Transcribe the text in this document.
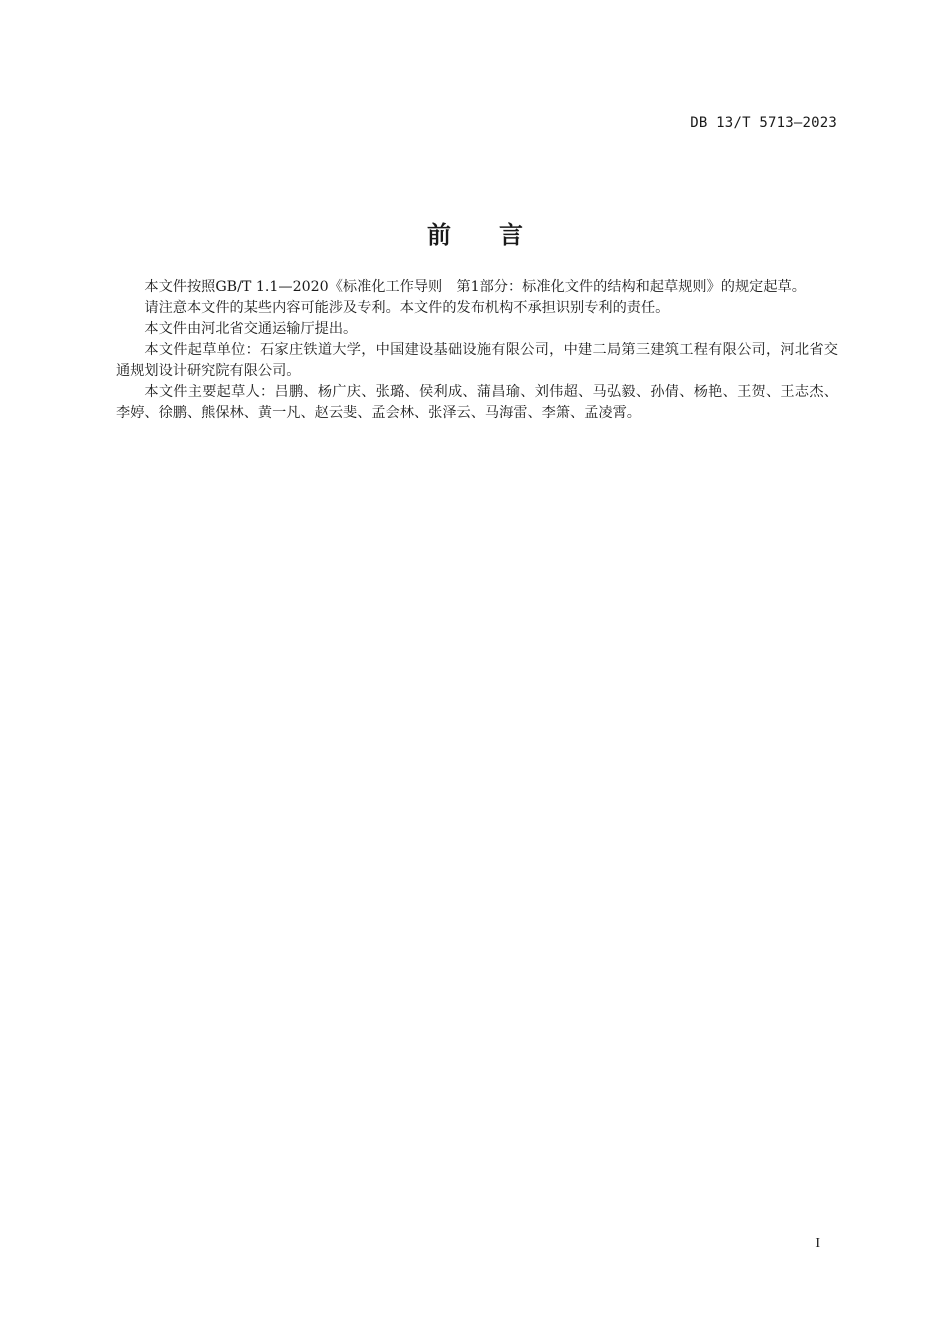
DB 13/T 5713—2023
前言

本文件按照GB/T 1.1—2020《标准化工作导则　第1部分：标准化文件的结构和起草规则》的规定起草。

请注意本文件的某些内容可能涉及专利。本文件的发布机构不承担识别专利的责任。

本文件由河北省交通运输厅提出。

本文件起草单位：石家庄铁道大学，中国建设基础设施有限公司，中建二局第三建筑工程有限公司，河北省交通规划设计研究院有限公司。

本文件主要起草人：吕鹏、杨广庆、张璐、侯利成、蒲昌瑜、刘伟超、马弘毅、孙倩、杨艳、王贺、王志杰、李婷、徐鹏、熊保林、黄一凡、赵云斐、孟会林、张泽云、马海雷、李箫、孟凌霄。

I
